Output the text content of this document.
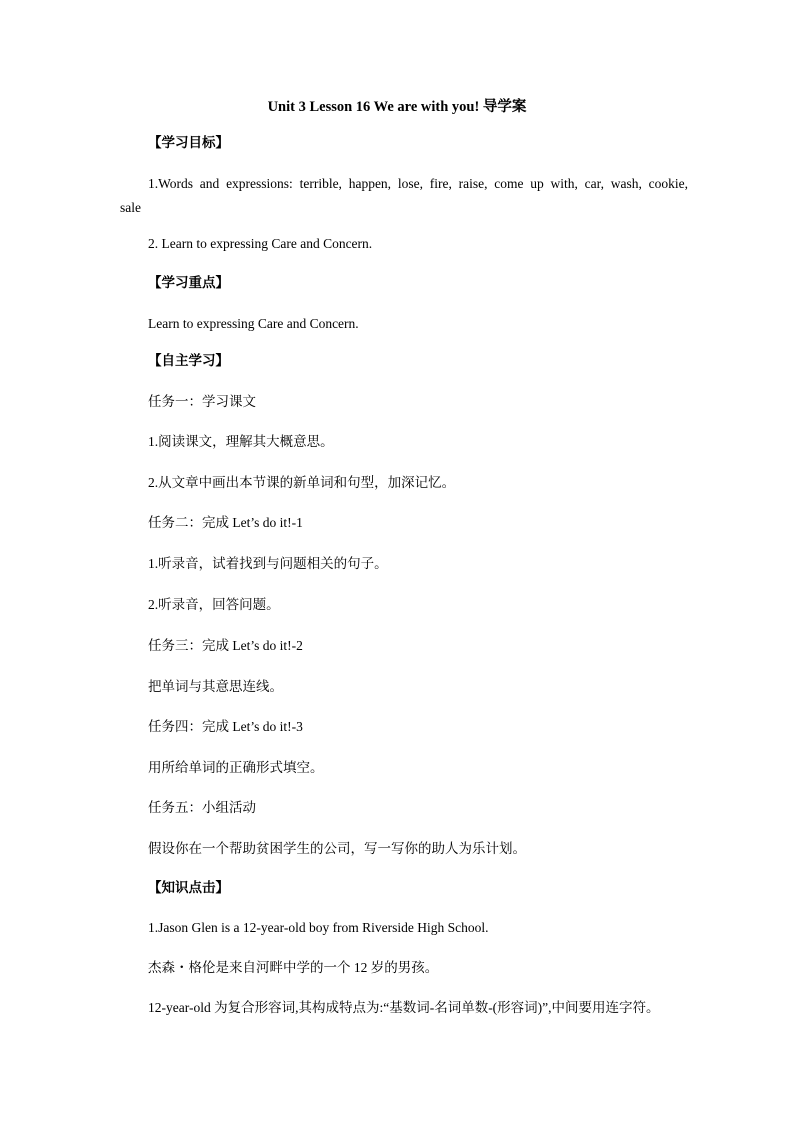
Unit 3 Lesson 16 We are with you! 导学案
【学习目标】
1.Words and expressions: terrible, happen, lose, fire, raise, come up with, car, wash, cookie,
sale
2. Learn to expressing Care and Concern.
【学习重点】
Learn to expressing Care and Concern.
【自主学习】
任务一：学习课文
1.阅读课文，理解其大概意思。
2.从文章中画出本节课的新单词和句型，加深记忆。
任务二：完成 Let’s do it!-1
1.听录音，试着找到与问题相关的句子。
2.听录音，回答问题。
任务三：完成 Let’s do it!-2
把单词与其意思连线。
任务四：完成 Let’s do it!-3
用所给单词的正确形式填空。
任务五：小组活动
假设你在一个帮助贫困学生的公司，写一写你的助人为乐计划。
【知识点击】
1.Jason Glen is a 12-year-old boy from Riverside High School.
杰森・格伦是来自河畔中学的一个 12 岁的男孩。
12-year-old 为复合形容词,其构成特点为:“基数词-名词单数-(形容词)”,中间要用连字符。
